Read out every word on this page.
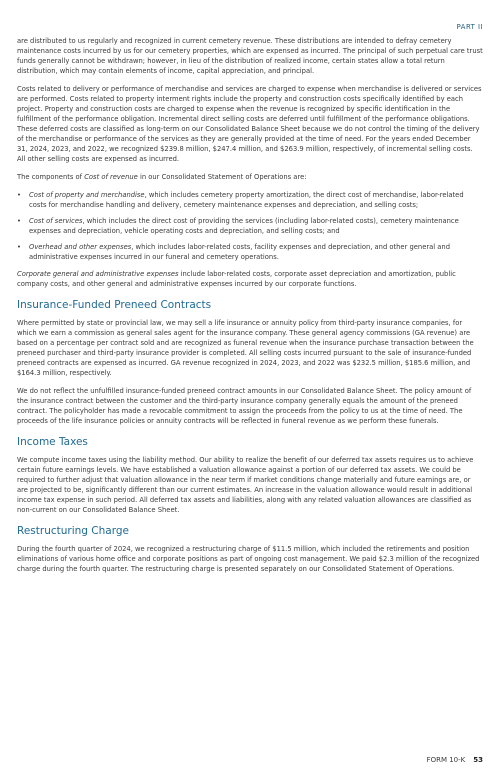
PART II

are distributed to us regularly and recognized in current cemetery revenue. These distributions are intended to defray cemetery maintenance costs incurred by us for our cemetery properties, which are expensed as incurred. The principal of such perpetual care trust funds generally cannot be withdrawn; however, in lieu of the distribution of realized income, certain states allow a total return distribution, which may contain elements of income, capital appreciation, and principal.

Costs related to delivery or performance of merchandise and services are charged to expense when merchandise is delivered or services are performed. Costs related to property interment rights include the property and construction costs specifically identified by each project. Property and construction costs are charged to expense when the revenue is recognized by specific identification in the fulfillment of the performance obligation. Incremental direct selling costs are deferred until fulfillment of the performance obligations. These deferred costs are classified as long-term on our Consolidated Balance Sheet because we do not control the timing of the delivery of the merchandise or performance of the services as they are generally provided at the time of need. For the years ended December 31, 2024, 2023, and 2022, we recognized $239.8 million, $247.4 million, and $263.9 million, respectively, of incremental selling costs. All other selling costs are expensed as incurred.

The components of Cost of revenue in our Consolidated Statement of Operations are:

• Cost of property and merchandise, which includes cemetery property amortization, the direct cost of merchandise, labor-related costs for merchandise handling and delivery, cemetery maintenance expenses and depreciation, and selling costs;
• Cost of services, which includes the direct cost of providing the services (including labor-related costs), cemetery maintenance expenses and depreciation, vehicle operating costs and depreciation, and selling costs; and
• Overhead and other expenses, which includes labor-related costs, facility expenses and depreciation, and other general and administrative expenses incurred in our funeral and cemetery operations.

Corporate general and administrative expenses include labor-related costs, corporate asset depreciation and amortization, public company costs, and other general and administrative expenses incurred by our corporate functions.

Insurance-Funded Preneed Contracts

Where permitted by state or provincial law, we may sell a life insurance or annuity policy from third-party insurance companies, for which we earn a commission as general sales agent for the insurance company. These general agency commissions (GA revenue) are based on a percentage per contract sold and are recognized as funeral revenue when the insurance purchase transaction between the preneed purchaser and third-party insurance provider is completed. All selling costs incurred pursuant to the sale of insurance-funded preneed contracts are expensed as incurred. GA revenue recognized in 2024, 2023, and 2022 was $232.5 million, $185.6 million, and $164.3 million, respectively.

We do not reflect the unfulfilled insurance-funded preneed contract amounts in our Consolidated Balance Sheet. The policy amount of the insurance contract between the customer and the third-party insurance company generally equals the amount of the preneed contract. The policyholder has made a revocable commitment to assign the proceeds from the policy to us at the time of need. The proceeds of the life insurance policies or annuity contracts will be reflected in funeral revenue as we perform these funerals.

Income Taxes

We compute income taxes using the liability method. Our ability to realize the benefit of our deferred tax assets requires us to achieve certain future earnings levels. We have established a valuation allowance against a portion of our deferred tax assets. We could be required to further adjust that valuation allowance in the near term if market conditions change materially and future earnings are, or are projected to be, significantly different than our current estimates. An increase in the valuation allowance would result in additional income tax expense in such period. All deferred tax assets and liabilities, along with any related valuation allowances are classified as non-current on our Consolidated Balance Sheet.

Restructuring Charge

During the fourth quarter of 2024, we recognized a restructuring charge of $11.5 million, which included the retirements and position eliminations of various home office and corporate positions as part of ongoing cost management. We paid $2.3 million of the recognized charge during the fourth quarter. The restructuring charge is presented separately on our Consolidated Statement of Operations.

FORM 10-K 53
